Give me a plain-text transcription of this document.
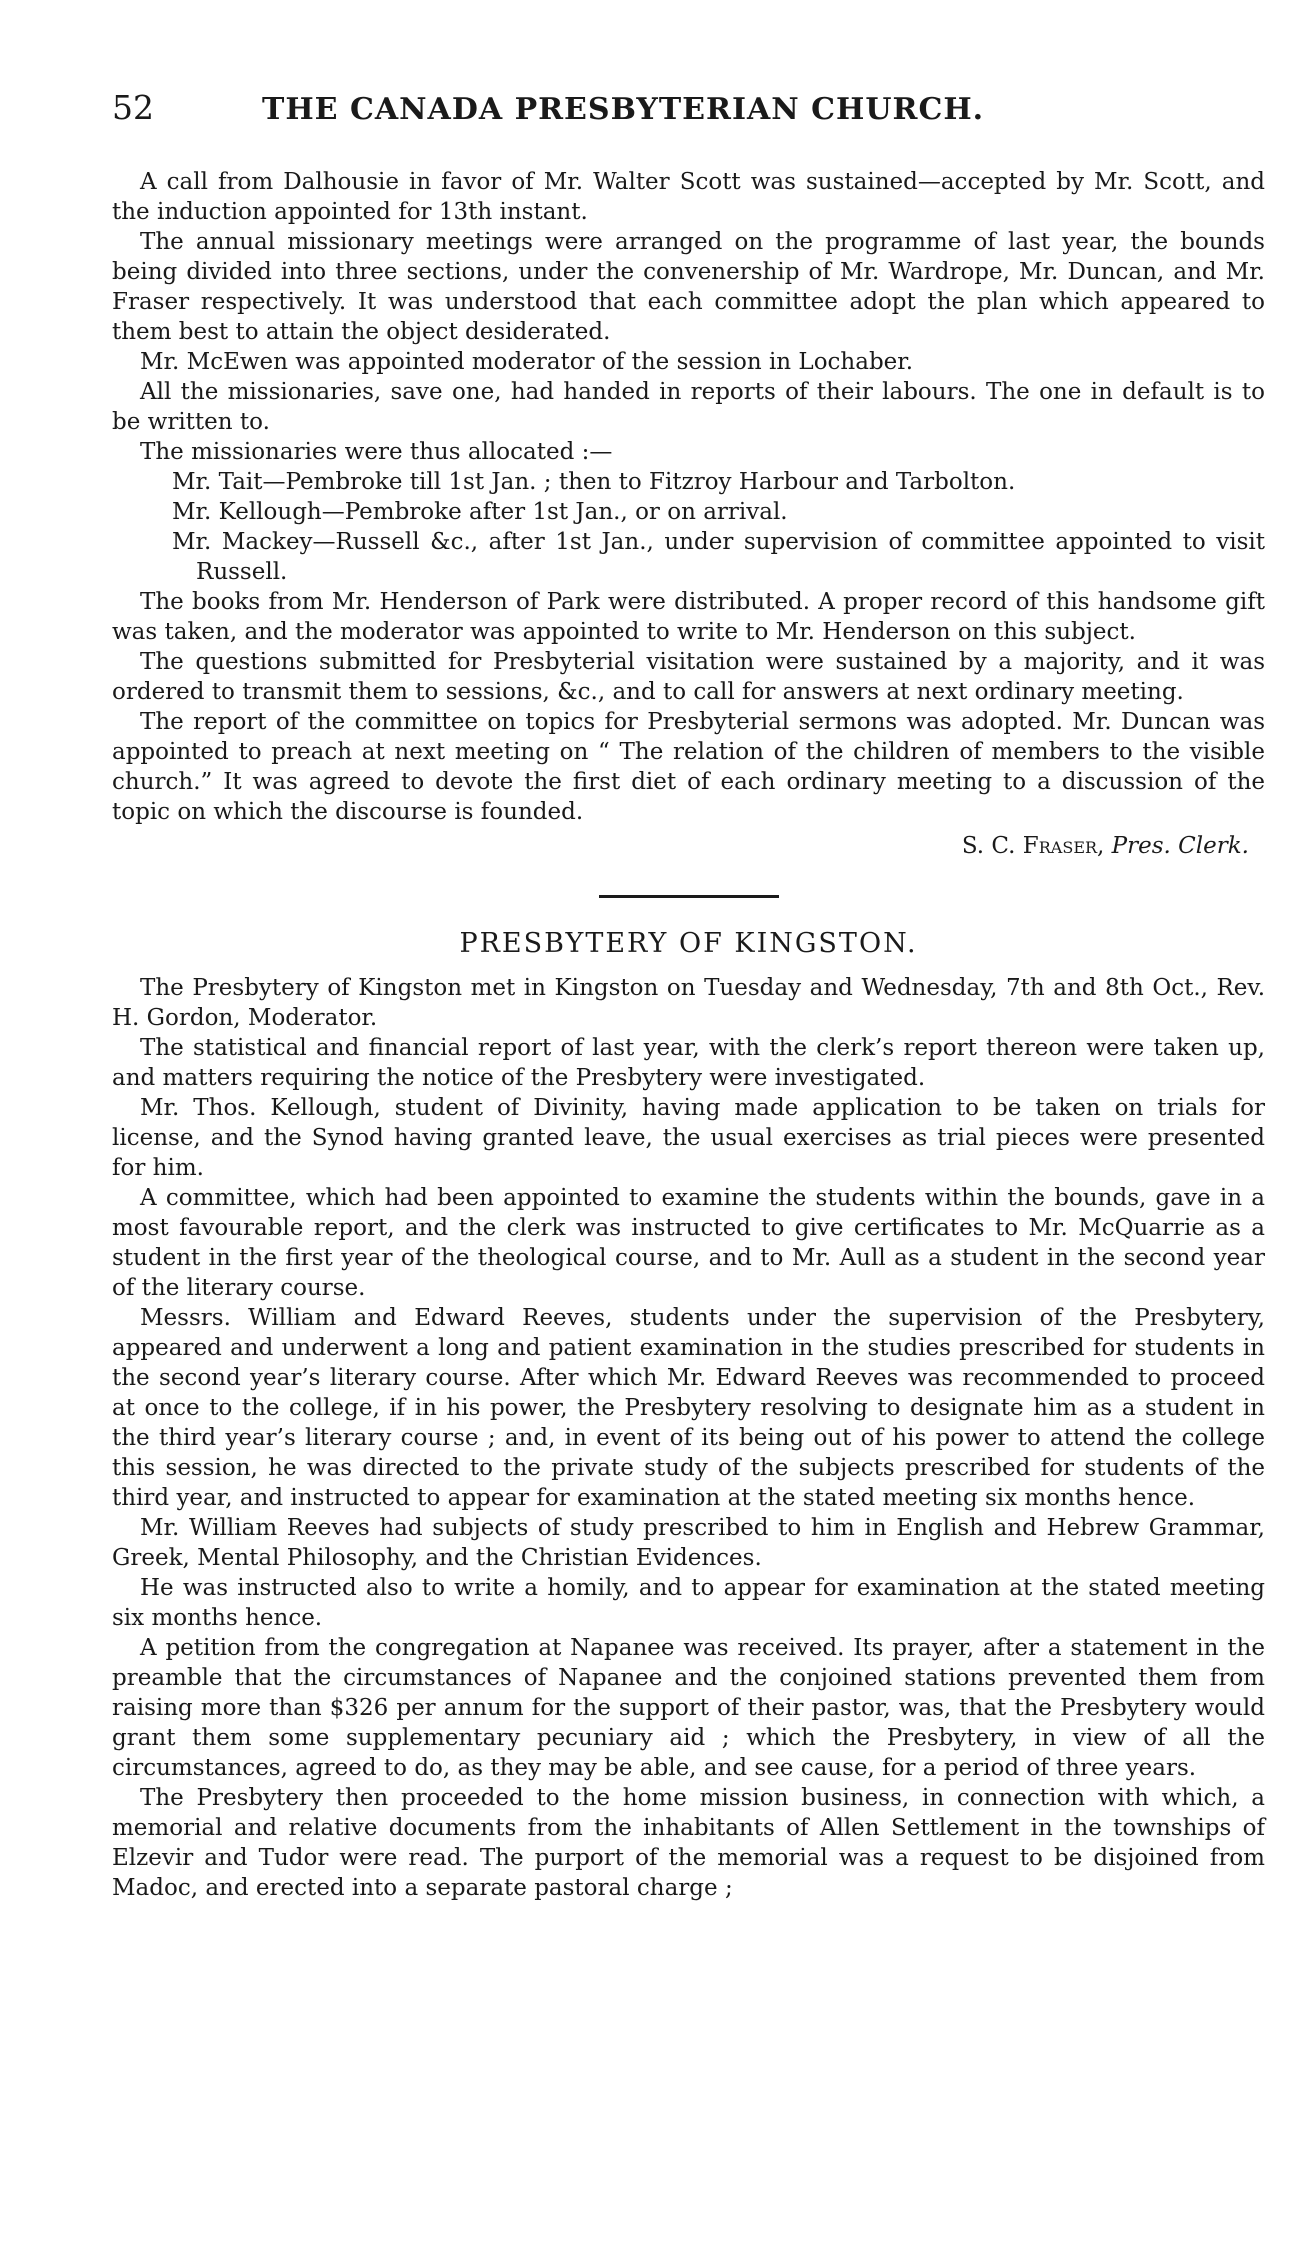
52	THE CANADA PRESBYTERIAN CHURCH.

A call from Dalhousie in favor of Mr. Walter Scott was sustained—accepted by Mr. Scott, and the induction appointed for 13th instant.

The annual missionary meetings were arranged on the programme of last year, the bounds being divided into three sections, under the convenership of Mr. Wardrope, Mr. Duncan, and Mr. Fraser respectively. It was understood that each committee adopt the plan which appeared to them best to attain the object desiderated.

Mr. McEwen was appointed moderator of the session in Lochaber.

All the missionaries, save one, had handed in reports of their labours. The one in default is to be written to.

The missionaries were thus allocated :—

Mr. Tait—Pembroke till 1st Jan. ; then to Fitzroy Harbour and Tarbolton.
Mr. Kellough—Pembroke after 1st Jan., or on arrival.
Mr. Mackey—Russell &c., after 1st Jan., under supervision of committee appointed to visit Russell.

The books from Mr. Henderson of Park were distributed. A proper record of this handsome gift was taken, and the moderator was appointed to write to Mr. Henderson on this subject.

The questions submitted for Presbyterial visitation were sustained by a majority, and it was ordered to transmit them to sessions, &c., and to call for answers at next ordinary meeting.

The report of the committee on topics for Presbyterial sermons was adopted. Mr. Duncan was appointed to preach at next meeting on “ The relation of the children of members to the visible church.” It was agreed to devote the first diet of each ordinary meeting to a discussion of the topic on which the discourse is founded.

S. C. Fraser, Pres. Clerk.
PRESBYTERY OF KINGSTON.

The Presbytery of Kingston met in Kingston on Tuesday and Wednesday, 7th and 8th Oct., Rev. H. Gordon, Moderator.

The statistical and financial report of last year, with the clerk’s report thereon were taken up, and matters requiring the notice of the Presbytery were investigated.

Mr. Thos. Kellough, student of Divinity, having made application to be taken on trials for license, and the Synod having granted leave, the usual exercises as trial pieces were presented for him.

A committee, which had been appointed to examine the students within the bounds, gave in a most favourable report, and the clerk was instructed to give certificates to Mr. McQuarrie as a student in the first year of the theological course, and to Mr. Aull as a student in the second year of the literary course.

Messrs. William and Edward Reeves, students under the supervision of the Presbytery, appeared and underwent a long and patient examination in the studies prescribed for students in the second year’s literary course. After which Mr. Edward Reeves was recommended to proceed at once to the college, if in his power, the Presbytery resolving to designate him as a student in the third year’s literary course ; and, in event of its being out of his power to attend the college this session, he was directed to the private study of the subjects prescribed for students of the third year, and instructed to appear for examination at the stated meeting six months hence.

Mr. William Reeves had subjects of study prescribed to him in English and Hebrew Grammar, Greek, Mental Philosophy, and the Christian Evidences.

He was instructed also to write a homily, and to appear for examination at the stated meeting six months hence.

A petition from the congregation at Napanee was received. Its prayer, after a statement in the preamble that the circumstances of Napanee and the conjoined stations prevented them from raising more than $326 per annum for the support of their pastor, was, that the Presbytery would grant them some supplementary pecuniary aid ; which the Presbytery, in view of all the circumstances, agreed to do, as they may be able, and see cause, for a period of three years.

The Presbytery then proceeded to the home mission business, in connection with which, a memorial and relative documents from the inhabitants of Allen Settlement in the townships of Elzevir and Tudor were read. The purport of the memorial was a request to be disjoined from Madoc, and erected into a separate pastoral charge ;
